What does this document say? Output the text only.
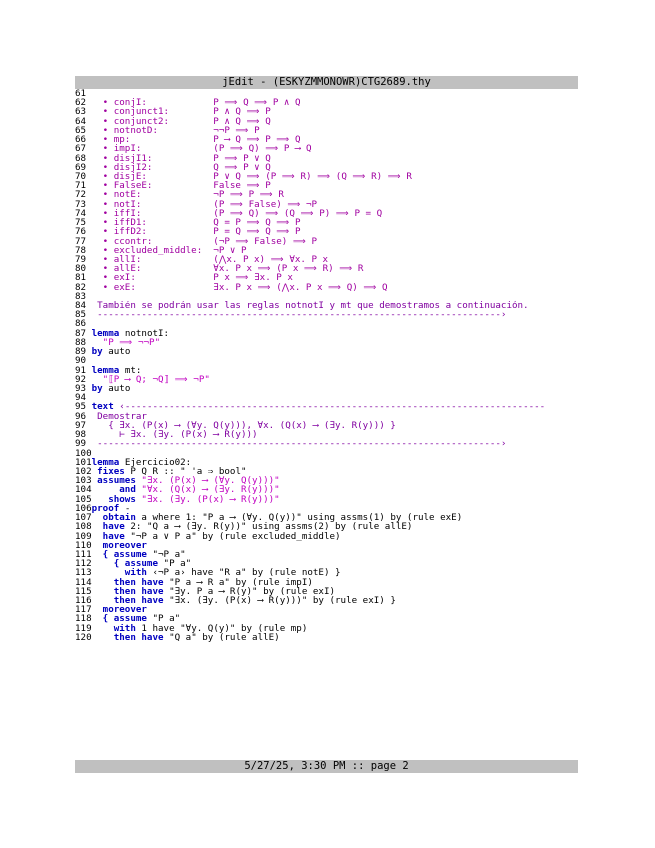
jEdit - (ESKYZMMONOWR)CTG2689.thy
61
62   • conjI:            P ⟹ Q ⟹ P ∧ Q
63   • conjunct1:        P ∧ Q ⟹ P
64   • conjunct2:        P ∧ Q ⟹ Q
65   • notnotD:          ¬¬P ⟹ P
66   • mp:               P ⟶ Q ⟹ P ⟹ Q
67   • impI:             (P ⟹ Q) ⟹ P ⟶ Q
68   • disjI1:           P ⟹ P ∨ Q
69   • disjI2:           Q ⟹ P ∨ Q
70   • disjE:            P ∨ Q ⟹ (P ⟹ R) ⟹ (Q ⟹ R) ⟹ R
71   • FalseE:           False ⟹ P
72   • notE:             ¬P ⟹ P ⟹ R
73   • notI:             (P ⟹ False) ⟹ ¬P
74   • iffI:             (P ⟹ Q) ⟹ (Q ⟹ P) ⟹ P = Q
75   • iffD1:            Q = P ⟹ Q ⟹ P
76   • iffD2:            P = Q ⟹ Q ⟹ P
77   • ccontr:           (¬P ⟹ False) ⟹ P
78   • excluded_middle:  ¬P ∨ P
79   • allI:             (⋀x. P x) ⟹ ∀x. P x
80   • allE:             ∀x. P x ⟹ (P x ⟹ R) ⟹ R
81   • exI:              P x ⟹ ∃x. P x
82   • exE:              ∃x. P x ⟹ (⋀x. P x ⟹ Q) ⟹ Q
83
84  También se podrán usar las reglas notnotI y mt que demostramos a continuación.
85  -------------------------------------------------------------------------›
86
87 lemma notnotI:
88   "P ⟹ ¬¬P"
89 by auto
90
91 lemma mt:
92   "⟦P ⟶ Q; ¬Q⟧ ⟹ ¬P"
93 by auto
94
95 text ‹----------------------------------------------------------------------------
96  Demostrar
97    { ∃x. (P(x) ⟶ (∀y. Q(y))), ∀x. (Q(x) ⟶ (∃y. R(y))) }
98      ⊢ ∃x. (∃y. (P(x) ⟶ R(y)))
99  -------------------------------------------------------------------------›
100
101lemma Ejercicio02:
102 fixes P Q R :: " 'a ⇒ bool"
103 assumes "∃x. (P(x) ⟶ (∀y. Q(y)))"
104     and "∀x. (Q(x) ⟶ (∃y. R(y)))"
105   shows "∃x. (∃y. (P(x) ⟶ R(y)))"
106proof -
107  obtain a where 1: "P a ⟶ (∀y. Q(y))" using assms(1) by (rule exE)
108  have 2: "Q a ⟶ (∃y. R(y))" using assms(2) by (rule allE)
109  have "¬P a ∨ P a" by (rule excluded_middle)
110  moreover
111  { assume "¬P a"
112    { assume "P a"
113      with ‹¬P a› have "R a" by (rule notE) }
114    then have "P a ⟶ R a" by (rule impI)
115    then have "∃y. P a ⟶ R(y)" by (rule exI)
116    then have "∃x. (∃y. (P(x) ⟶ R(y)))" by (rule exI) }
117  moreover
118  { assume "P a"
119    with 1 have "∀y. Q(y)" by (rule mp)
120    then have "Q a" by (rule allE)
5/27/25, 3:30 PM :: page 2
